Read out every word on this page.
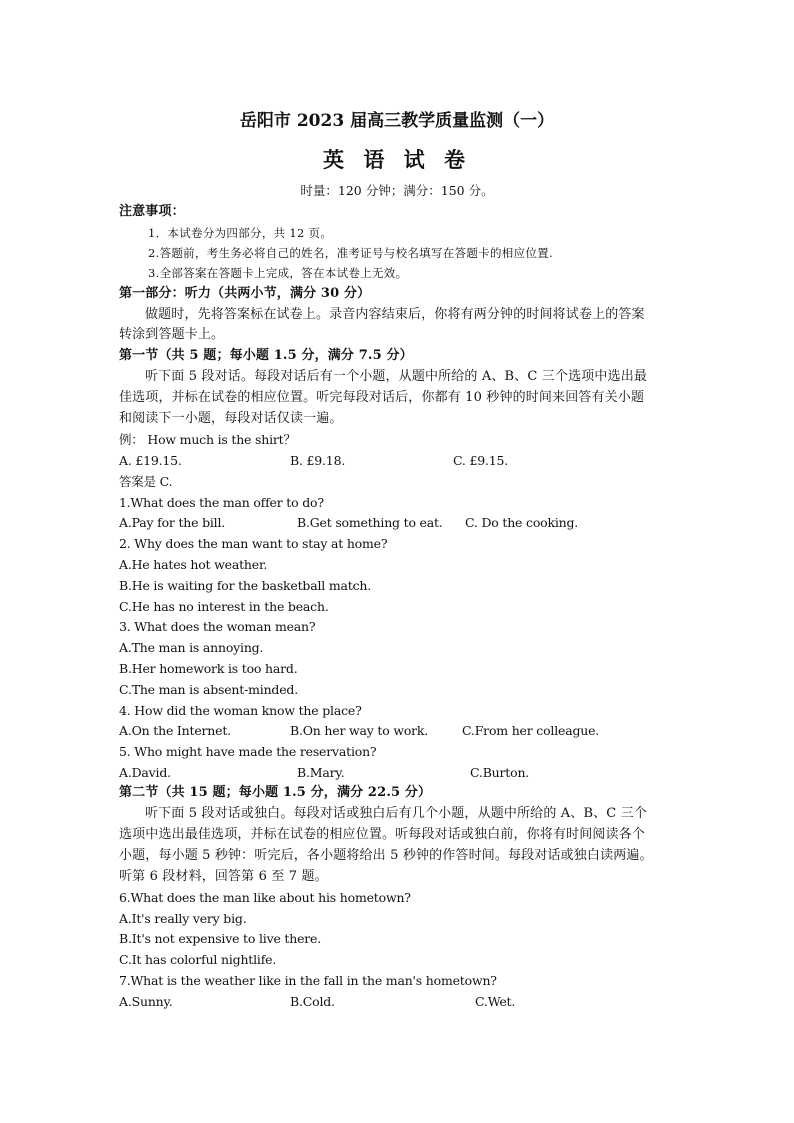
岳阳市 2023 届高三教学质量监测（一）
英 语 试 卷
时量：120 分钟；满分：150 分。
注意事项：
1．本试卷分为四部分，共 12 页。
2.答题前，考生务必将自己的姓名，准考证号与校名填写在答题卡的相应位置.
3.全部答案在答题卡上完成，答在本试卷上无效。
第一部分：听力（共两小节，满分 30 分）
做题时，先将答案标在试卷上。录音内容结束后，你将有两分钟的时间将试卷上的答案
转涂到答题卡上。
第一节（共 5 题；每小题 1.5 分，满分 7.5 分）
听下面 5 段对话。每段对话后有一个小题，从题中所给的 A、B、C 三个选项中选出最
佳选项，并标在试卷的相应位置。听完每段对话后，你都有 10 秒钟的时间来回答有关小题
和阅读下一小题，每段对话仅读一遍。
例： How much is the shirt？
A. £19.15.	B. £9.18.	C. £9.15.
答案是 C.
1.What does the man offer to do?
A.Pay for the bill.	B.Get something to eat. C. Do the cooking.
2. Why does the man want to stay at home?
A.He hates hot weather.
B.He is waiting for the basketball match.
C.He has no interest in the beach.
3. What does the woman mean?
A.The man is annoying.
B.Her homework is too hard.
C.The man is absent-minded.
4. How did the woman know the place?
A.On the Internet.	B.On her way to work.	C.From her colleague.
5. Who might have made the reservation?
A.David.	B.Mary.	C.Burton.
第二节（共 15 题；每小题 1.5 分，满分 22.5 分）
听下面 5 段对话或独白。每段对话或独白后有几个小题，从题中所给的 A、B、C 三个
选项中选出最佳选项，并标在试卷的相应位置。听每段对话或独白前，你将有时间阅读各个
小题，每小题 5 秒钟：听完后，各小题将给出 5 秒钟的作答时间。每段对话或独白读两遍。
听第 6 段材料，回答第 6 至 7 题。
6.What does the man like about his hometown?
A.It's really very big.
B.It's not expensive to live there.
C.It has colorful nightlife.
7.What is the weather like in the fall in the man's hometown?
A.Sunny.	B.Cold.	C.Wet.
